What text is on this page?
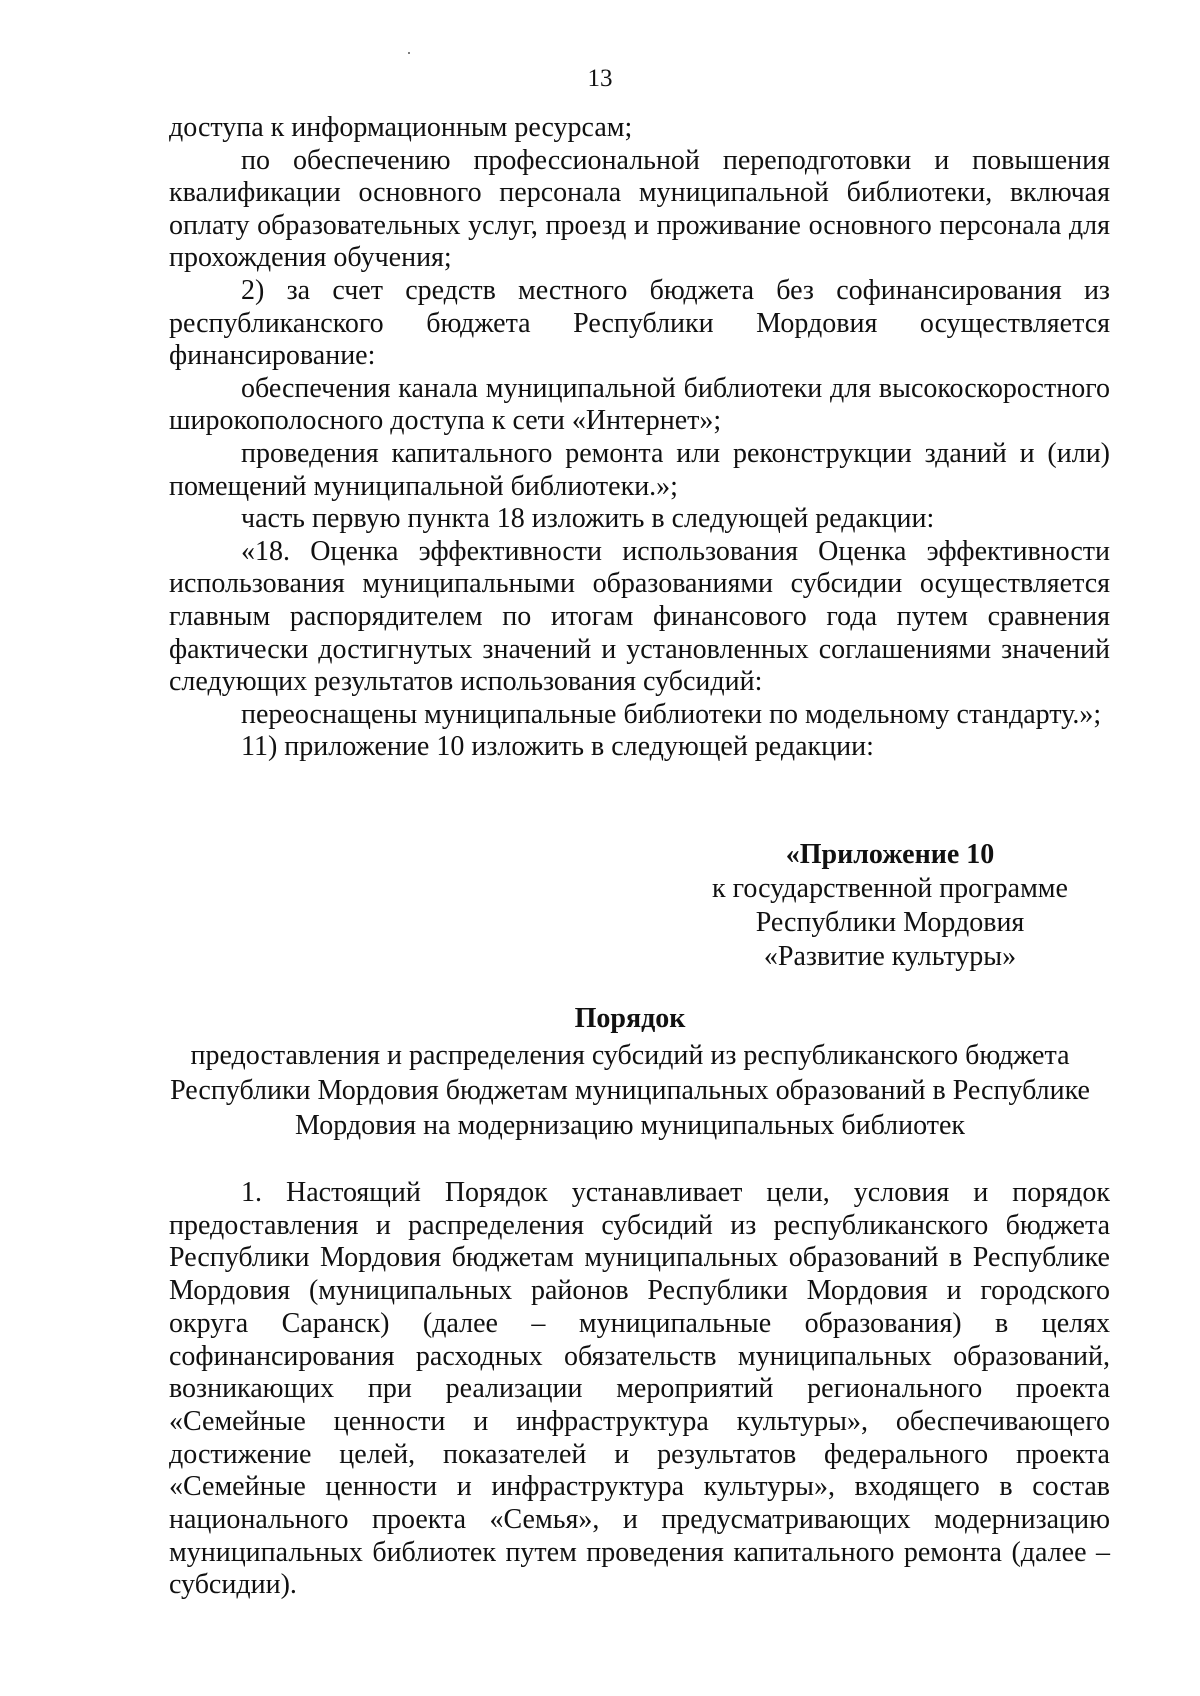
13

доступа к информационным ресурсам;

по обеспечению профессиональной переподготовки и повышения квалификации основного персонала муниципальной библиотеки, включая оплату образовательных услуг, проезд и проживание основного персонала для прохождения обучения;

2) за счет средств местного бюджета без софинансирования из республиканского бюджета Республики Мордовия осуществляется финансирование:

обеспечения канала муниципальной библиотеки для высокоскоростного широкополосного доступа к сети «Интернет»;

проведения капитального ремонта или реконструкции зданий и (или) помещений муниципальной библиотеки.»;

часть первую пункта 18 изложить в следующей редакции:

«18. Оценка эффективности использования Оценка эффективности использования муниципальными образованиями субсидии осуществляется главным распорядителем по итогам финансового года путем сравнения фактически достигнутых значений и установленных соглашениями значений следующих результатов использования субсидий:

переоснащены муниципальные библиотеки по модельному стандарту.»;

11) приложение 10 изложить в следующей редакции:

«Приложение 10
к государственной программе
Республики Мордовия
«Развитие культуры»
Порядок
предоставления и распределения субсидий из республиканского бюджета
Республики Мордовия бюджетам муниципальных образований в Республике
Мордовия на модернизацию муниципальных библиотек

1. Настоящий Порядок устанавливает цели, условия и порядок предоставления и распределения субсидий из республиканского бюджета Республики Мордовия бюджетам муниципальных образований в Республике Мордовия (муниципальных районов Республики Мордовия и городского округа Саранск) (далее – муниципальные образования) в целях софинансирования расходных обязательств муниципальных образований, возникающих при реализации мероприятий регионального проекта «Семейные ценности и инфраструктура культуры», обеспечивающего достижение целей, показателей и результатов федерального проекта «Семейные ценности и инфраструктура культуры», входящего в состав национального проекта «Семья», и предусматривающих модернизацию муниципальных библиотек путем проведения капитального ремонта (далее – субсидии).
